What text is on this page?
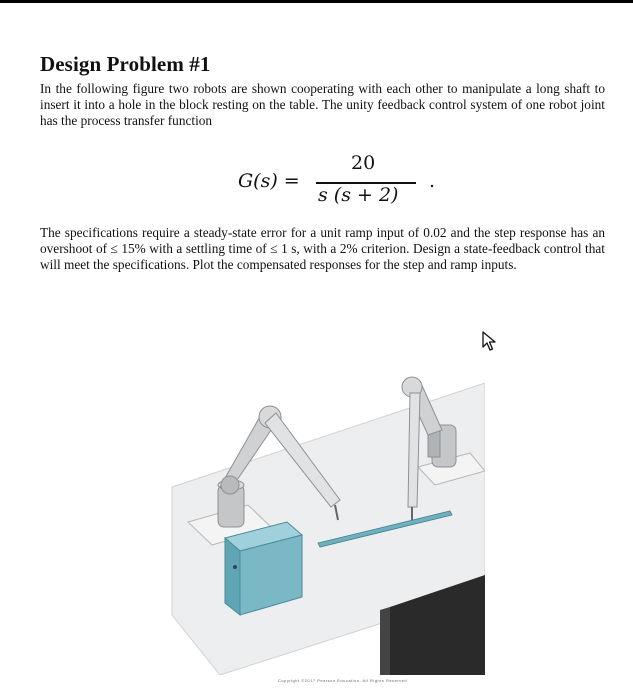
Design Problem #1

In the following figure two robots are shown cooperating with each other to manipulate a long shaft to insert it into a hole in the block resting on the table. The unity feedback control system of one robot joint has the process transfer function

G(s) =
20
s (s + 2)
.

The specifications require a steady-state error for a unit ramp input of 0.02 and the step response has an overshoot of ≤ 15% with a settling time of ≤ 1 s, with a 2% criterion. Design a state-feedback control that will meet the specifications. Plot the compensated responses for the step and ramp inputs.

Copyright ©2017 Pearson Education, All Rights Reserved
